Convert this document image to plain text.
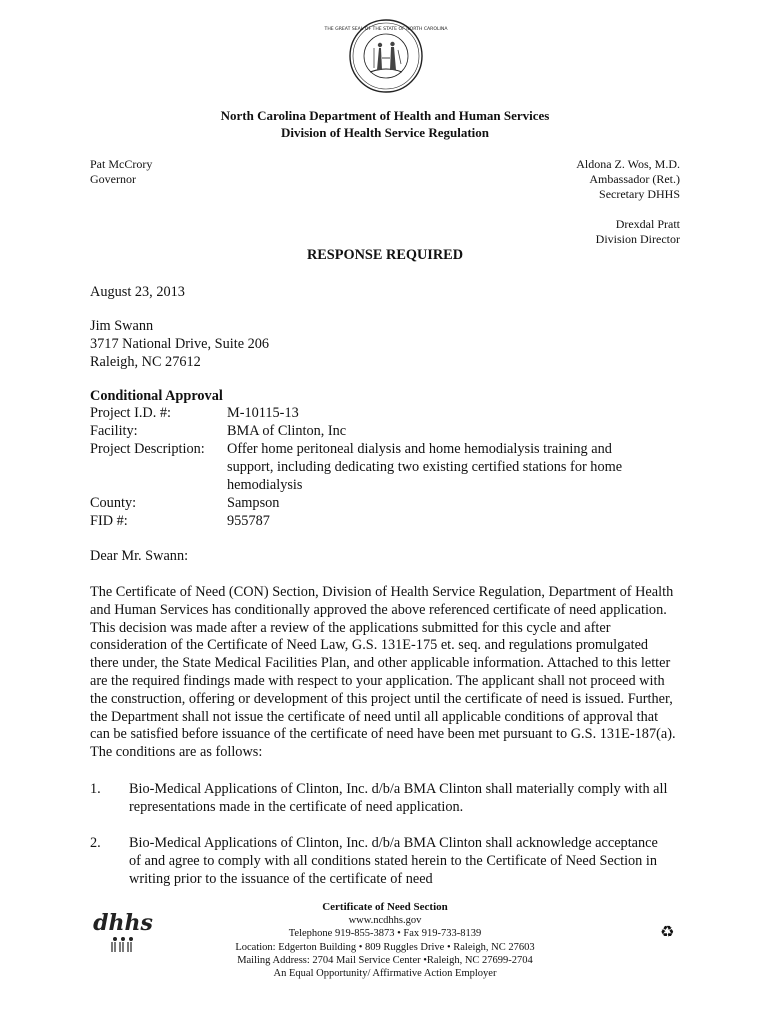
THE GREAT SEAL OF THE STATE OF NORTH CAROLINA
North Carolina Department of Health and Human Services
Division of Health Service Regulation
Pat McCrory
Governor
Aldona Z. Wos, M.D.
Ambassador (Ret.)
Secretary DHHS
Drexdal Pratt
Division Director
RESPONSE REQUIRED
August 23, 2013
Jim Swann
3717 National Drive, Suite 206
Raleigh, NC 27612
Conditional Approval
Project I.D. #:	M-10115-13
Facility:	BMA of Clinton, Inc
Project Description: Offer home peritoneal dialysis and home hemodialysis training and support, including dedicating two existing certified stations for home hemodialysis
County:	Sampson
FID #:	955787
Dear Mr. Swann:
The Certificate of Need (CON) Section, Division of Health Service Regulation, Department of Health and Human Services has conditionally approved the above referenced certificate of need application. This decision was made after a review of the applications submitted for this cycle and after consideration of the Certificate of Need Law, G.S. 131E-175 et. seq. and regulations promulgated there under, the State Medical Facilities Plan, and other applicable information. Attached to this letter are the required findings made with respect to your application. The applicant shall not proceed with the construction, offering or development of this project until the certificate of need is issued. Further, the Department shall not issue the certificate of need until all applicable conditions of approval that can be satisfied before issuance of the certificate of need have been met pursuant to G.S. 131E-187(a). The conditions are as follows:
1. Bio-Medical Applications of Clinton, Inc. d/b/a BMA Clinton shall materially comply with all representations made in the certificate of need application.
2. Bio-Medical Applications of Clinton, Inc. d/b/a BMA Clinton shall acknowledge acceptance of and agree to comply with all conditions stated herein to the Certificate of Need Section in writing prior to the issuance of the certificate of need
dhhs
Certificate of Need Section
www.ncdhhs.gov
Telephone 919-855-3873 • Fax 919-733-8139
Location: Edgerton Building • 809 Ruggles Drive • Raleigh, NC 27603
Mailing Address: 2704 Mail Service Center •Raleigh, NC 27699-2704
An Equal Opportunity/ Affirmative Action Employer
♻
